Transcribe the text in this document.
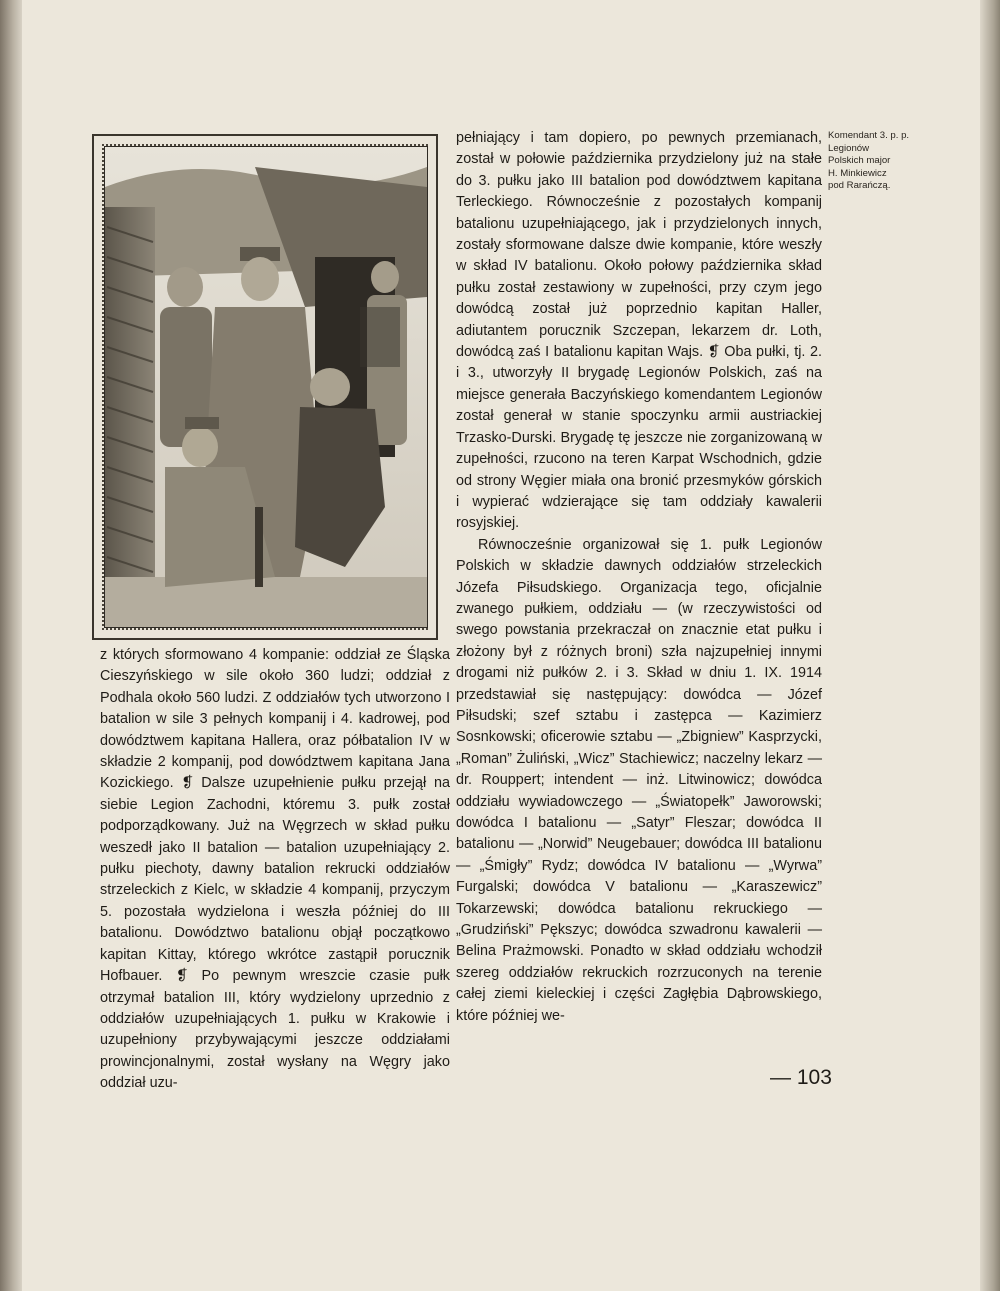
Komendant 3. p. p.
Legionów
Polskich major
H. Minkiewicz
pod Rarańczą.

pełniający i tam dopiero, po pewnych przemianach, został w połowie października przydzielony już na stałe do 3. pułku jako III batalion pod dowództwem kapitana Terleckiego. Równocześnie z pozostałych kompanij batalionu uzupełniającego, jak i przydzielonych innych, zostały sformowane dalsze dwie kompanie, które weszły w skład IV batalionu. Około połowy października skład pułku został zestawiony w zupełności, przy czym jego dowódcą został już poprzednio kapitan Haller, adiutantem porucznik Szczepan, lekarzem dr. Loth, dowódcą zaś I batalionu kapitan Wajs. ❡ Oba pułki, tj. 2. i 3., utworzyły II brygadę Legionów Polskich, zaś na miejsce generała Baczyńskiego komendantem Legionów został generał w stanie spoczynku armii austriackiej Trzasko-Durski. Brygadę tę jeszcze nie zorganizowaną w zupełności, rzucono na teren Karpat Wschodnich, gdzie od strony Węgier miała ona bronić przesmyków górskich i wypierać wdzierające się tam oddziały kawalerii rosyjskiej.

Równocześnie organizował się 1. pułk Legionów Polskich w składzie dawnych oddziałów strzeleckich Józefa Piłsudskiego. Organizacja tego, oficjalnie zwanego pułkiem, oddziału — (w rzeczywistości od swego powstania przekraczał on znacznie etat pułku i złożony był z różnych broni) szła najzupełniej innymi drogami niż pułków 2. i 3. Skład w dniu 1. IX. 1914 przedstawiał się następujący: dowódca — Józef Piłsudski; szef sztabu i zastępca — Kazimierz Sosnkowski; oficerowie sztabu — „Zbigniew” Kasprzycki, „Roman” Żuliński, „Wicz” Stachiewicz; naczelny lekarz — dr. Rouppert; intendent — inż. Litwinowicz; dowódca oddziału wywiadowczego — „Światopełk” Jaworowski; dowódca I batalionu — „Satyr” Fleszar; dowódca II batalionu — „Norwid” Neugebauer; dowódca III batalionu — „Śmigły” Rydz; dowódca IV batalionu — „Wyrwa” Furgalski; dowódca V batalionu — „Karaszewicz” Tokarzewski; dowódca batalionu rekruckiego — „Grudziński” Pększyc; dowódca szwadronu kawalerii — Belina Prażmowski. Ponadto w skład oddziału wchodził szereg oddziałów rekruckich rozrzuconych na terenie całej ziemi kieleckiej i części Zagłębia Dąbrowskiego, które później we-

z których sformowano 4 kompanie: oddział ze Śląska Cieszyńskiego w sile około 360 ludzi; oddział z Podhala około 560 ludzi. Z oddziałów tych utworzono I batalion w sile 3 pełnych kompanij i 4. kadrowej, pod dowództwem kapitana Hallera, oraz półbatalion IV w składzie 2 kompanij, pod dowództwem kapitana Jana Kozickiego. ❡ Dalsze uzupełnienie pułku przejął na siebie Legion Zachodni, któremu 3. pułk został podporządkowany. Już na Węgrzech w skład pułku weszedł jako II batalion — batalion uzupełniający 2. pułku piechoty, dawny batalion rekrucki oddziałów strzeleckich z Kielc, w składzie 4 kompanij, przyczym 5. pozostała wydzielona i weszła później do III batalionu. Dowództwo batalionu objął początkowo kapitan Kittay, którego wkrótce zastąpił porucznik Hofbauer. ❡ Po pewnym wreszcie czasie pułk otrzymał batalion III, który wydzielony uprzednio z oddziałów uzupełniających 1. pułku w Krakowie i uzupełniony przybywającymi jeszcze oddziałami prowincjonalnymi, został wysłany na Węgry jako oddział uzu-	— 103
